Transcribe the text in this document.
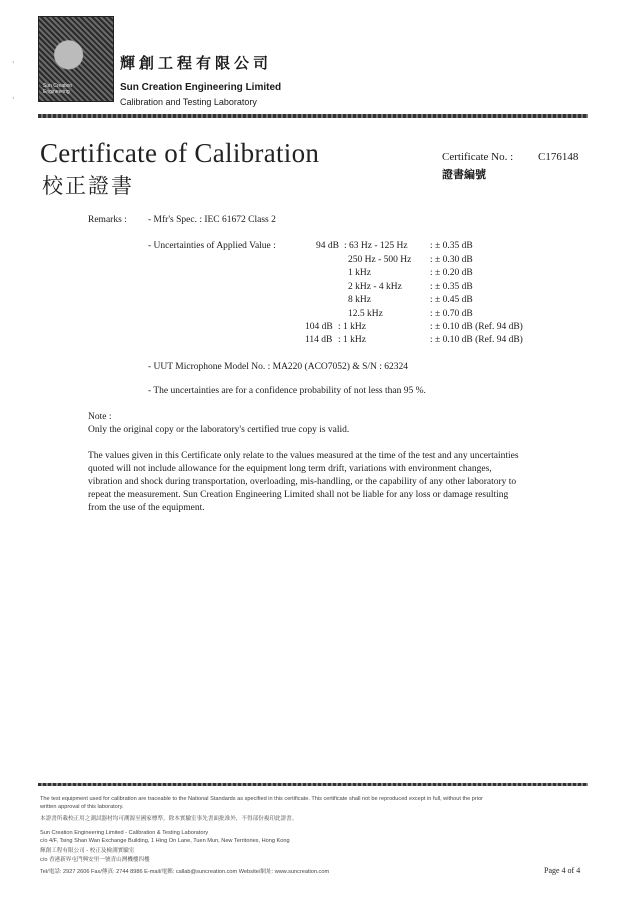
·
·
Sun Creation Engineering
輝創工程有限公司
Sun Creation Engineering Limited
Calibration and Testing Laboratory
Certificate of Calibration
校正證書
Certificate No. : C176148
證書編號
Remarks : - Mfr's Spec. : IEC 61672 Class 2
- Uncertainties of Applied Value :	94 dB : 63 Hz - 125 Hz : ± 0.35 dB
250 Hz - 500 Hz : ± 0.30 dB
1 kHz	: ± 0.20 dB
2 kHz - 4 kHz	: ± 0.35 dB
8 kHz	: ± 0.45 dB
12.5 kHz	: ± 0.70 dB
104 dB : 1 kHz	: ± 0.10 dB (Ref. 94 dB)
114 dB : 1 kHz	: ± 0.10 dB (Ref. 94 dB)
- UUT Microphone Model No. : MA220 (ACO7052) & S/N : 62324
- The uncertainties are for a confidence probability of not less than 95 %.
Note :
Only the original copy or the laboratory's certified true copy is valid.
The values given in this Certificate only relate to the values measured at the time of the test and any uncertainties
quoted will not include allowance for the equipment long term drift, variations with environment changes,
vibration and shock during transportation, overloading, mis-handling, or the capability of any other laboratory to
repeat the measurement. Sun Creation Engineering Limited shall not be liable for any loss or damage resulting
from the use of the equipment.
The test equipment used for calibration are traceable to the National Standards as specified in this certificate. This certificate shall not be reproduced except in full, without the prior
written approval of this laboratory.
本證書所載校正用之測試器材均可溯源至國家標準。除本實驗室事先書面批准外，不得部份複印此證書。
Sun Creation Engineering Limited - Calibration & Testing Laboratory
c/o 4/F, Tsing Shan Wan Exchange Building, 1 Hing On Lane, Tuen Mun, New Territories, Hong Kong
輝創工程有限公司 - 校正及檢測實驗室
c/o 香港新界屯門興安里一號青山灣機樓四樓
Tel/電話: 2927 2606 Fax/傳真: 2744 8986 E-mail/電郵: callab@suncreation.com Website/網址: www.suncreation.com	Page 4 of 4
